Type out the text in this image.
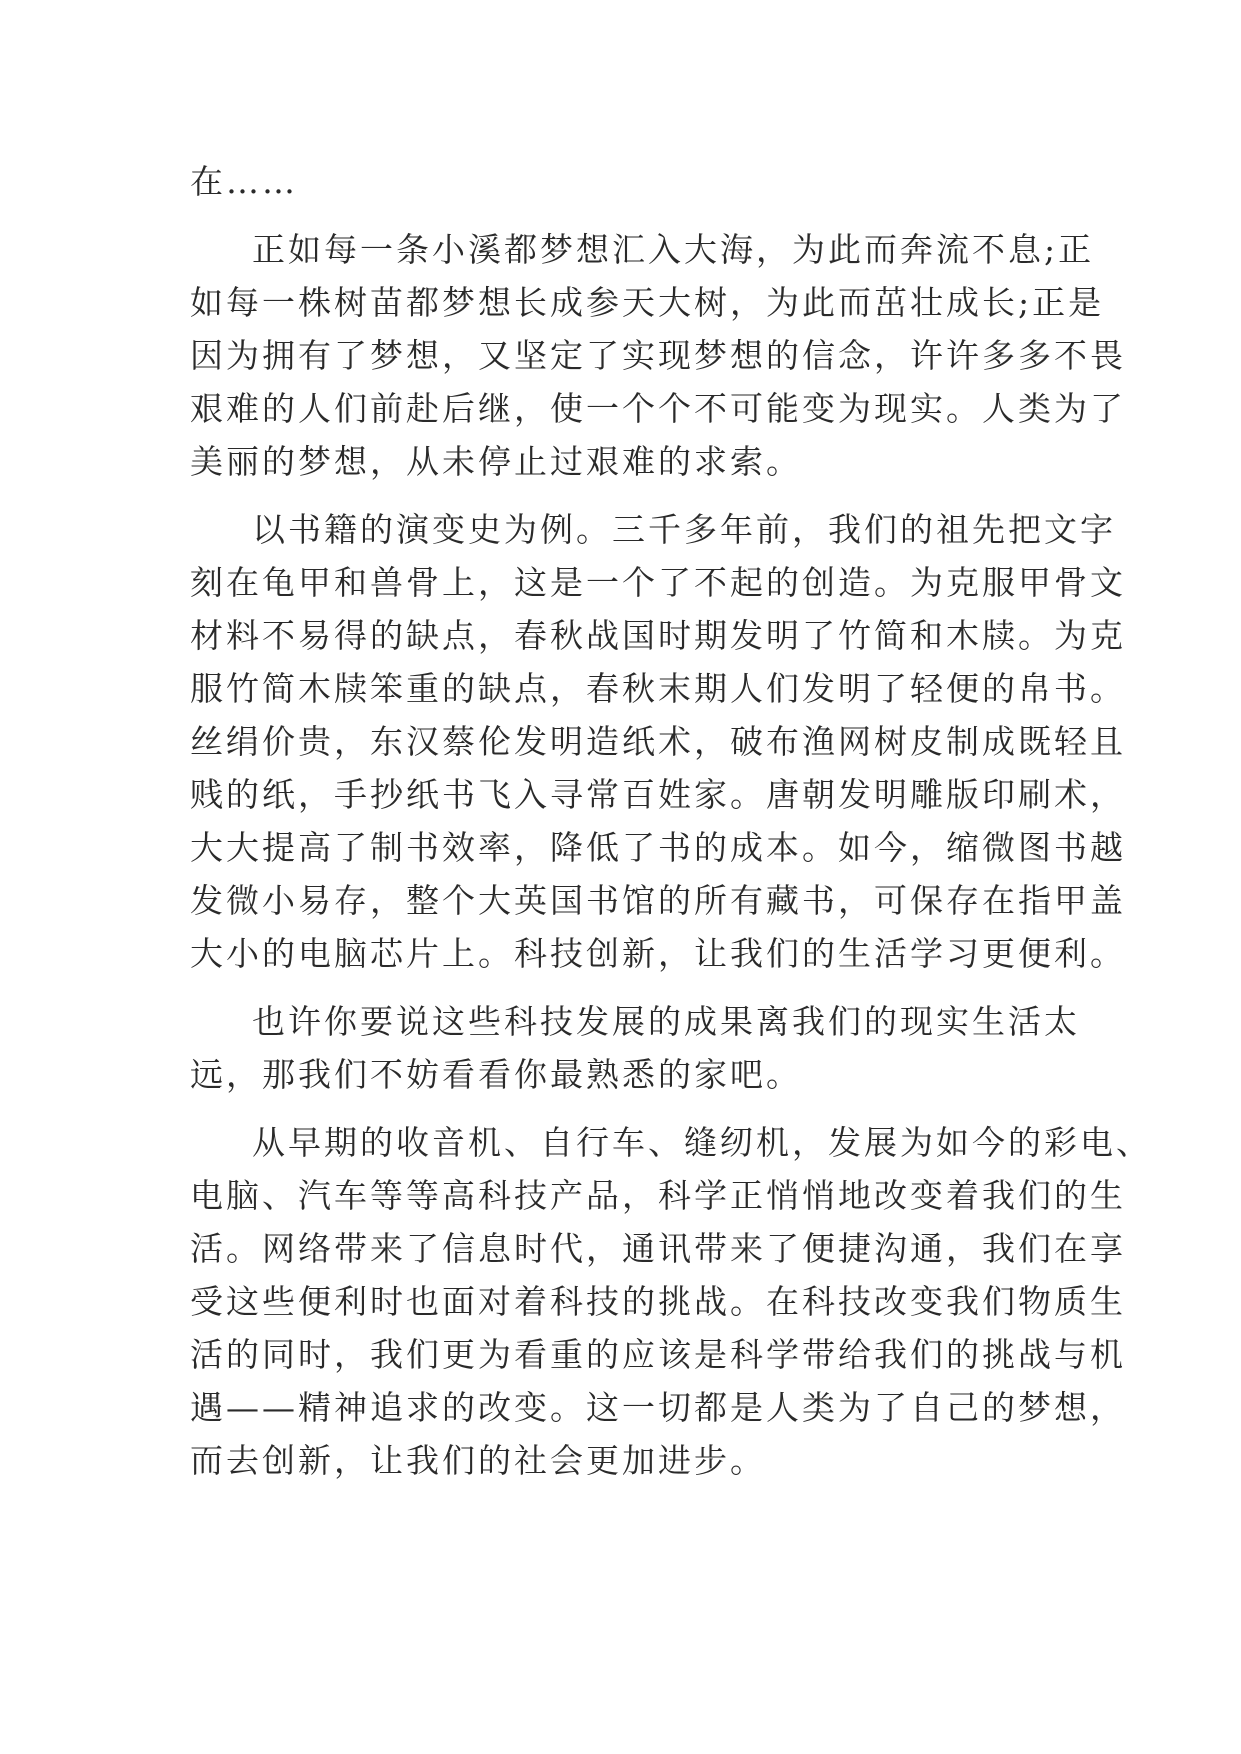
在……
正如每一条小溪都梦想汇入大海，为此而奔流不息;正
如每一株树苗都梦想长成参天大树，为此而茁壮成长;正是
因为拥有了梦想，又坚定了实现梦想的信念，许许多多不畏
艰难的人们前赴后继，使一个个不可能变为现实。人类为了
美丽的梦想，从未停止过艰难的求索。
以书籍的演变史为例。三千多年前，我们的祖先把文字
刻在龟甲和兽骨上，这是一个了不起的创造。为克服甲骨文
材料不易得的缺点，春秋战国时期发明了竹简和木牍。为克
服竹简木牍笨重的缺点，春秋末期人们发明了轻便的帛书。
丝绢价贵，东汉蔡伦发明造纸术，破布渔网树皮制成既轻且
贱的纸，手抄纸书飞入寻常百姓家。唐朝发明雕版印刷术，
大大提高了制书效率，降低了书的成本。如今，缩微图书越
发微小易存，整个大英国书馆的所有藏书，可保存在指甲盖
大小的电脑芯片上。科技创新，让我们的生活学习更便利。
也许你要说这些科技发展的成果离我们的现实生活太
远，那我们不妨看看你最熟悉的家吧。
从早期的收音机、自行车、缝纫机，发展为如今的彩电、
电脑、汽车等等高科技产品，科学正悄悄地改变着我们的生
活。网络带来了信息时代，通讯带来了便捷沟通，我们在享
受这些便利时也面对着科技的挑战。在科技改变我们物质生
活的同时，我们更为看重的应该是科学带给我们的挑战与机
遇——精神追求的改变。这一切都是人类为了自己的梦想，
而去创新，让我们的社会更加进步。
